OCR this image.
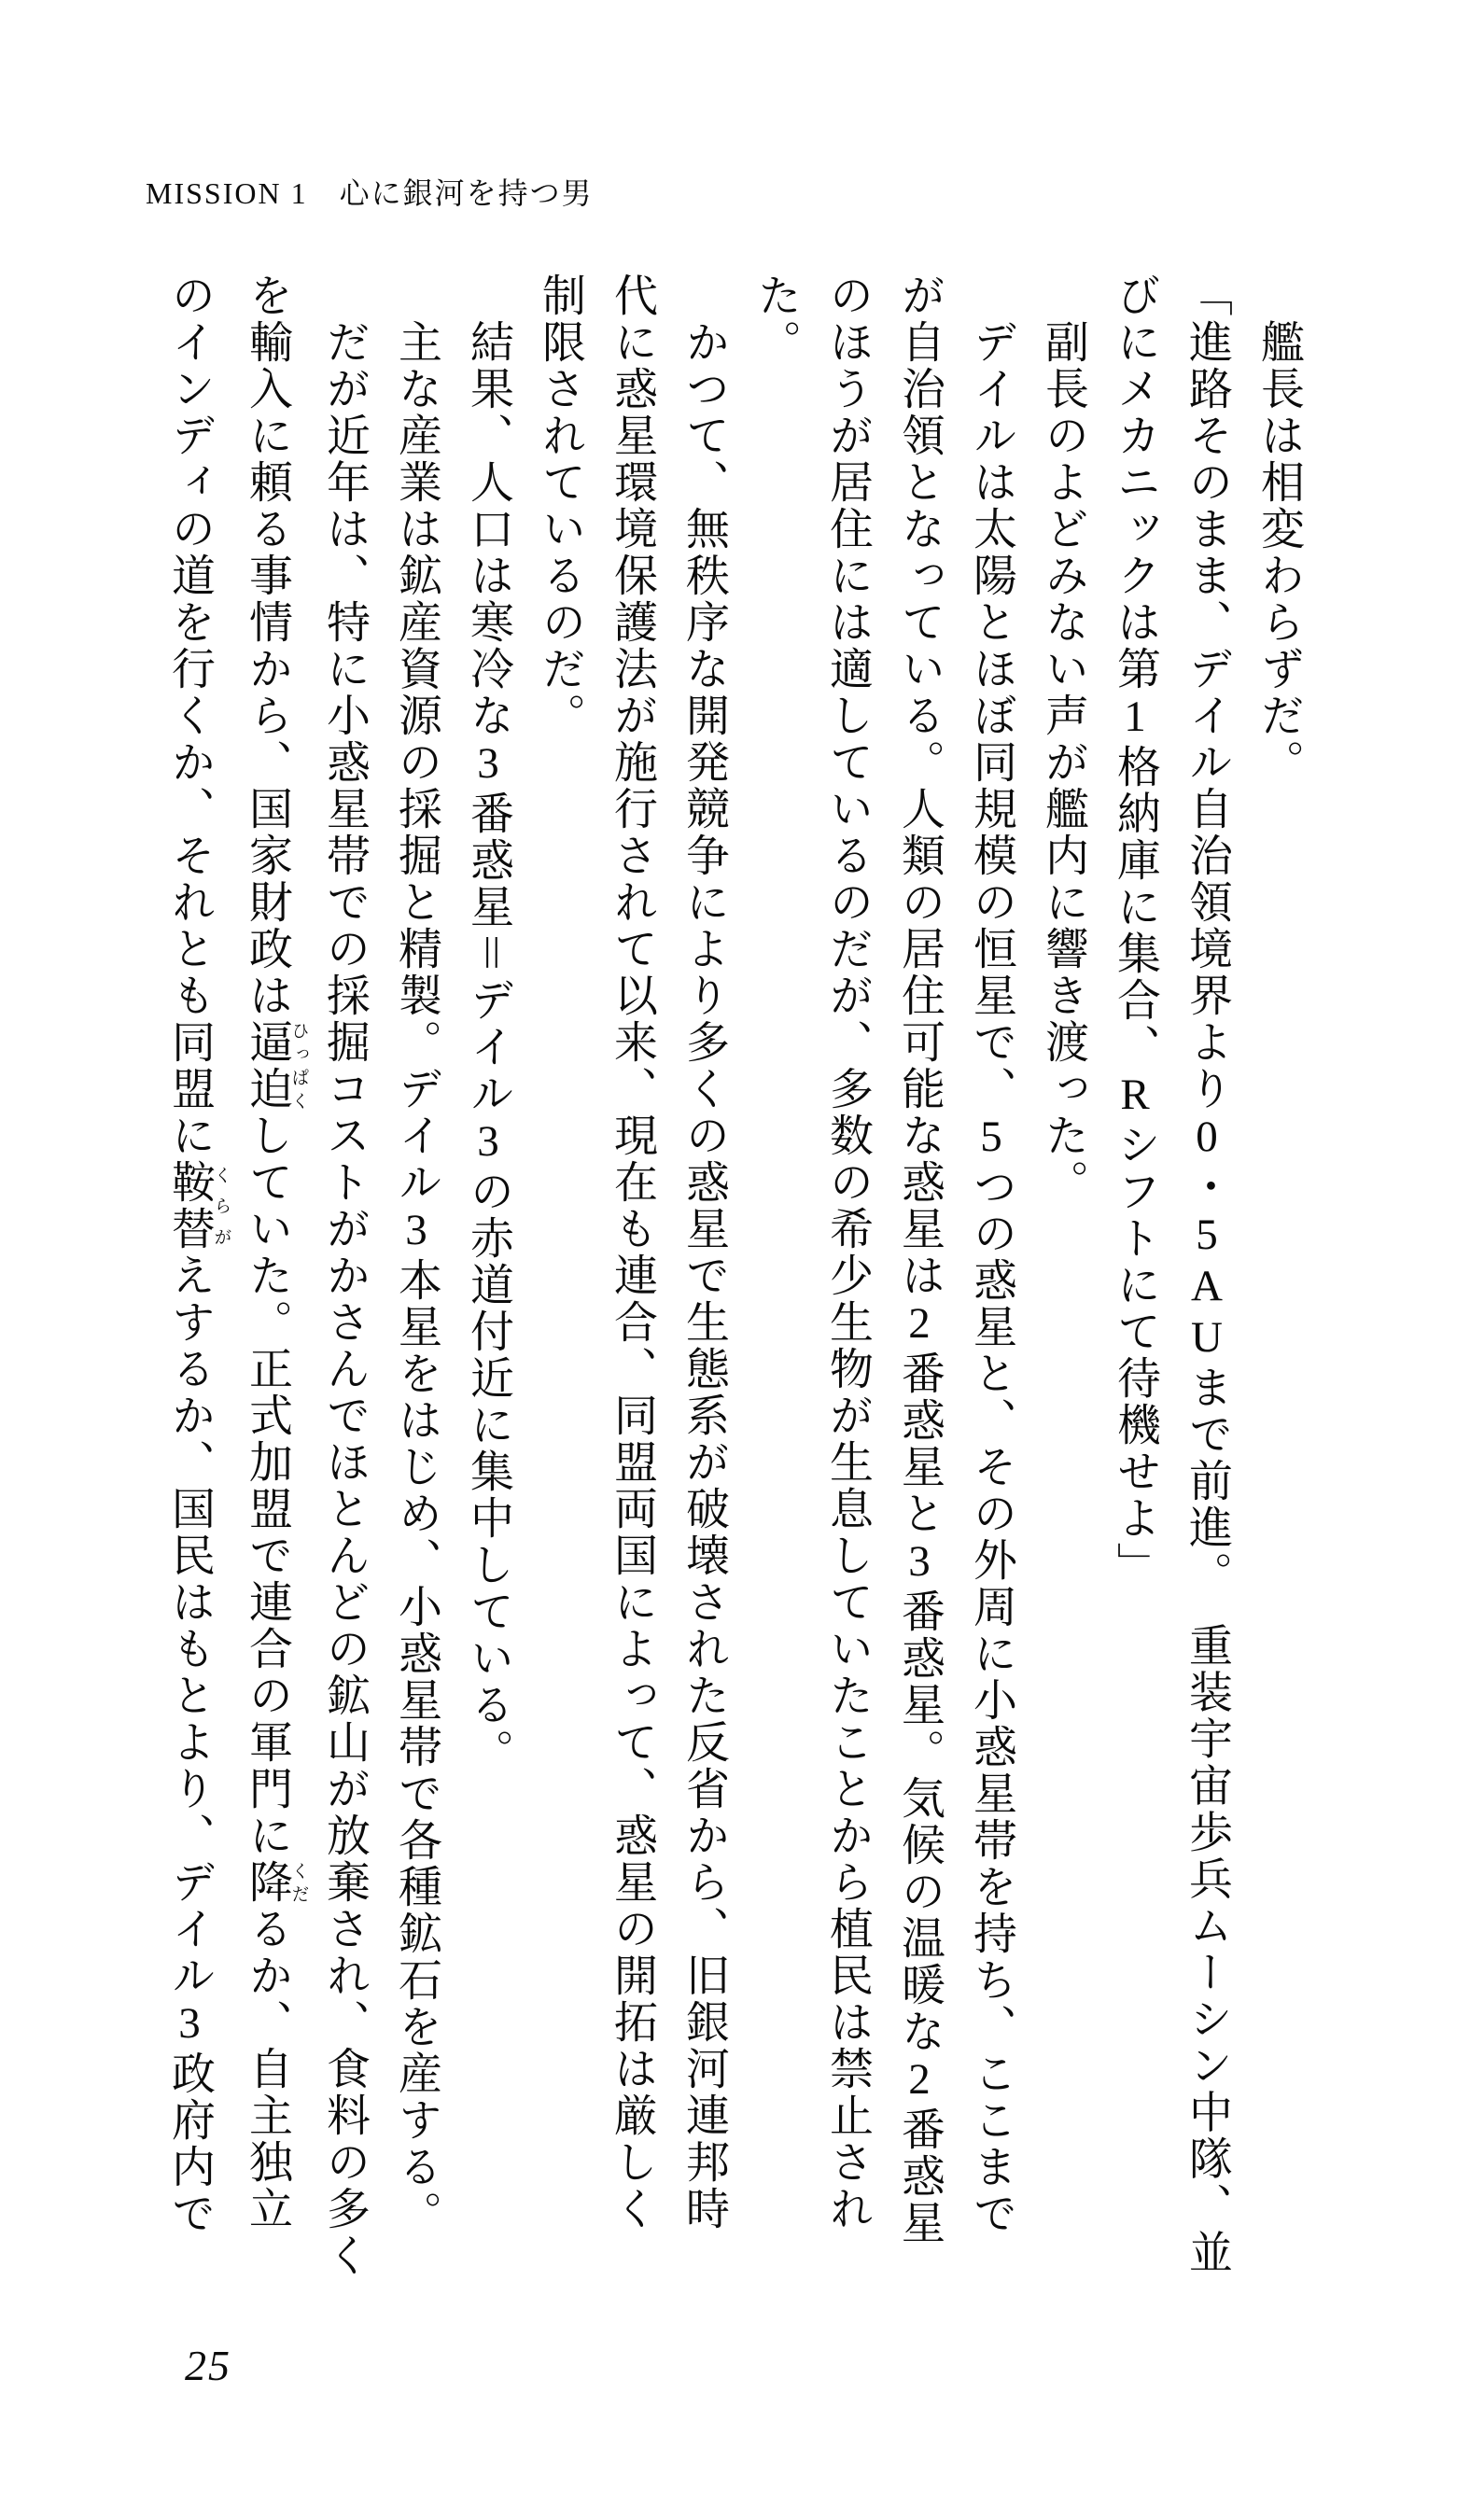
MISSION 1　心に銀河を持つ男
　艦長は相変わらずだ。
「進路そのまま、デイル自治領境界より0・5AUまで前進。　重装宇宙歩兵ムーシン中隊、並
びにメカニックは第1格納庫に集合、Rシフトにて待機せよ」
　副長のよどみない声が艦内に響き渡った。
　デイルは太陽とほぼ同規模の恒星で、5つの惑星と、その外周に小惑星帯を持ち、ここまで
が自治領となっている。人類の居住可能な惑星は2番惑星と3番惑星。気候の温暖な2番惑星
のほうが居住には適しているのだが、多数の希少生物が生息していたことから植民は禁止され
た。
　かつて、無秩序な開発競争により多くの惑星で生態系が破壊された反省から、旧銀河連邦時
代に惑星環境保護法が施行されて以来、現在も連合、同盟両国によって、惑星の開拓は厳しく
制限されているのだ。
　結果、人口は寒冷な3番惑星＝デイル3の赤道付近に集中している。
　主な産業は鉱産資源の採掘と精製。デイル3本星をはじめ、小惑星帯で各種鉱石を産する。
　だが近年は、特に小惑星帯での採掘コストがかさんでほとんどの鉱山が放棄され、食料の多く
を輸入に頼る事情から、国家財政は逼迫ひっぱくしていた。正式加盟で連合の軍門に降くだるか、自主独立
のインディの道を行くか、それとも同盟に鞍替くらがえするか、国民はもとより、デイル3政府内で
25
